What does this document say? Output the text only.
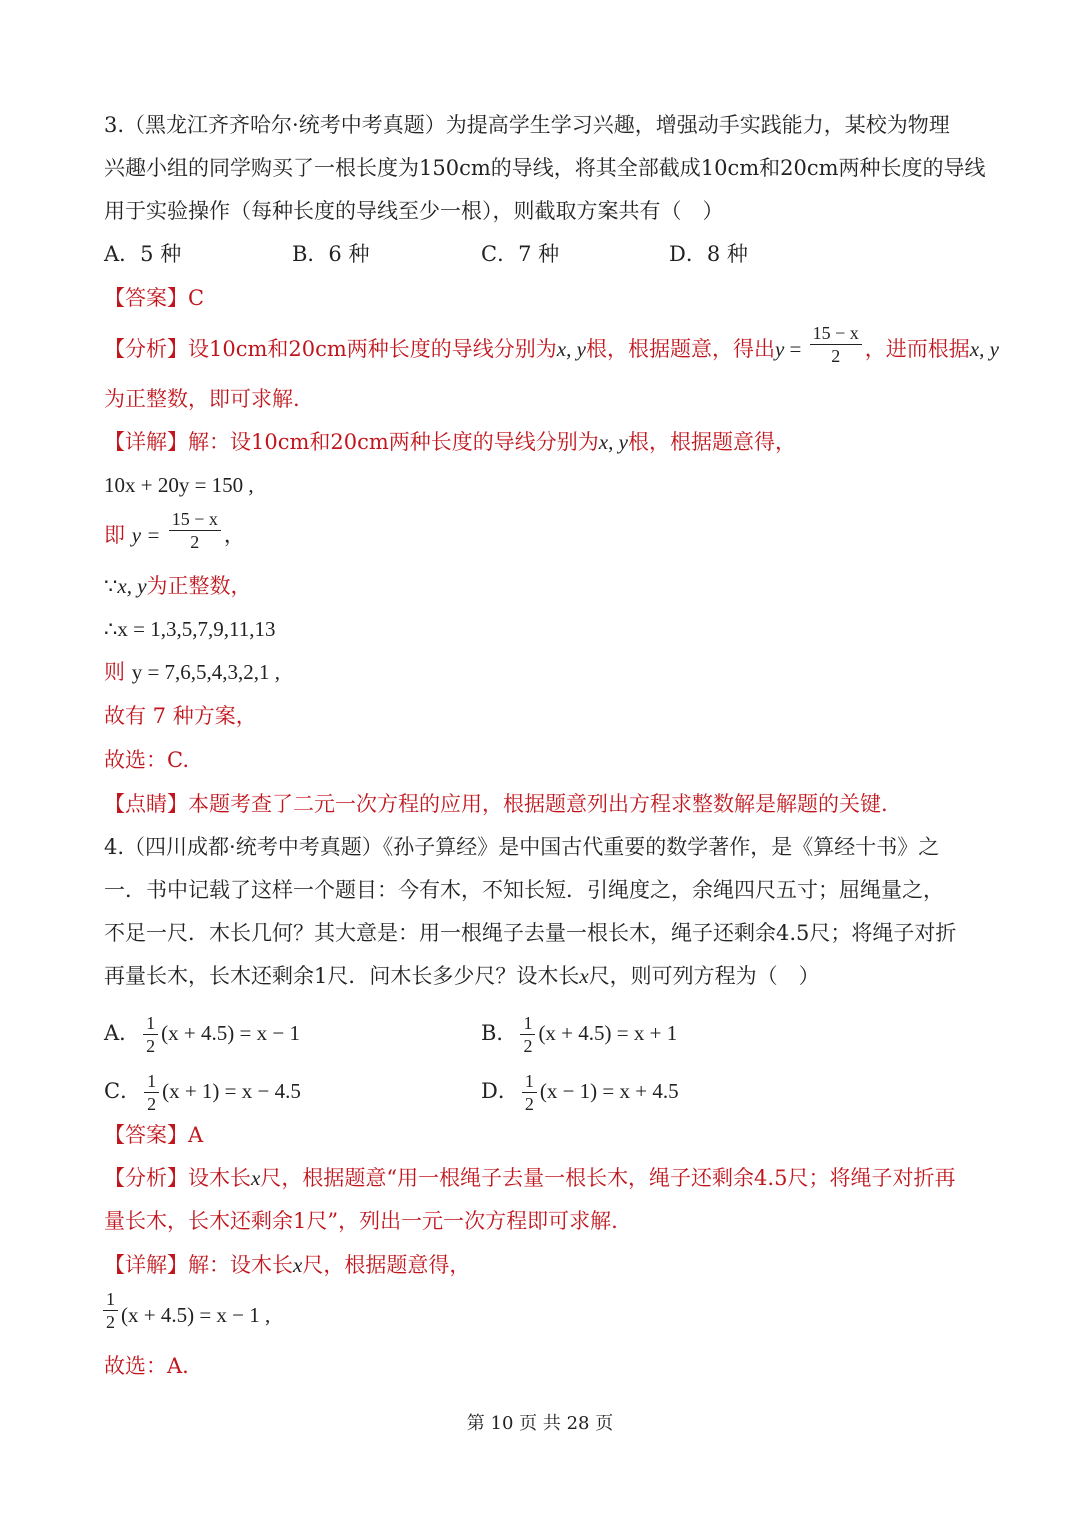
3.（黑龙江齐齐哈尔·统考中考真题）为提高学生学习兴趣，增强动手实践能力，某校为物理
兴趣小组的同学购买了一根长度为150cm的导线，将其全部截成10cm和20cm两种长度的导线
用于实验操作（每种长度的导线至少一根），则截取方案共有（　）
A．5 种	B．6 种	C．7 种	D．8 种
【答案】C
【分析】设10cm和20cm两种长度的导线分别为x, y根，根据题意，得出$y = \frac{15 - x}{2}$ ，进而根据x, y
为正整数，即可求解.
【详解】解：设10cm和20cm两种长度的导线分别为x, y根，根据题意得，
10x + 20y = 150 ,
即 $y = \frac{15 - x}{2}$ ，
∵x, y为正整数，
∴x = 1,3,5,7,9,11,13
则 y = 7,6,5,4,3,2,1 ,
故有 7 种方案，
故选：C.
【点睛】本题考查了二元一次方程的应用，根据题意列出方程求整数解是解题的关键.
4.（四川成都·统考中考真题）《孙子算经》是中国古代重要的数学著作，是《算经十书》之
一．书中记载了这样一个题目：今有木，不知长短．引绳度之，余绳四尺五寸；屈绳量之，
不足一尺．木长几何？其大意是：用一根绳子去量一根长木，绳子还剩余4.5尺；将绳子对折
再量长木，长木还剩余1尺．问木长多少尺？设木长x尺，则可列方程为（　）
A． $\frac{1}{2} (x + 4.5) = x - 1$	B． $\frac{1}{2} (x + 4.5) = x + 1$
C． $\frac{1}{2} (x + 1) = x - 4.5$	D． $\frac{1}{2} (x - 1) = x + 4.5$
【答案】A
【分析】设木长x尺，根据题意“用一根绳子去量一根长木，绳子还剩余4.5尺；将绳子对折再
量长木，长木还剩余1尺”，列出一元一次方程即可求解.
【详解】解：设木长x尺，根据题意得，
$\frac{1}{2} (x + 4.5) = x - 1$ ,
故选：A.
第 10 页 共 28 页
